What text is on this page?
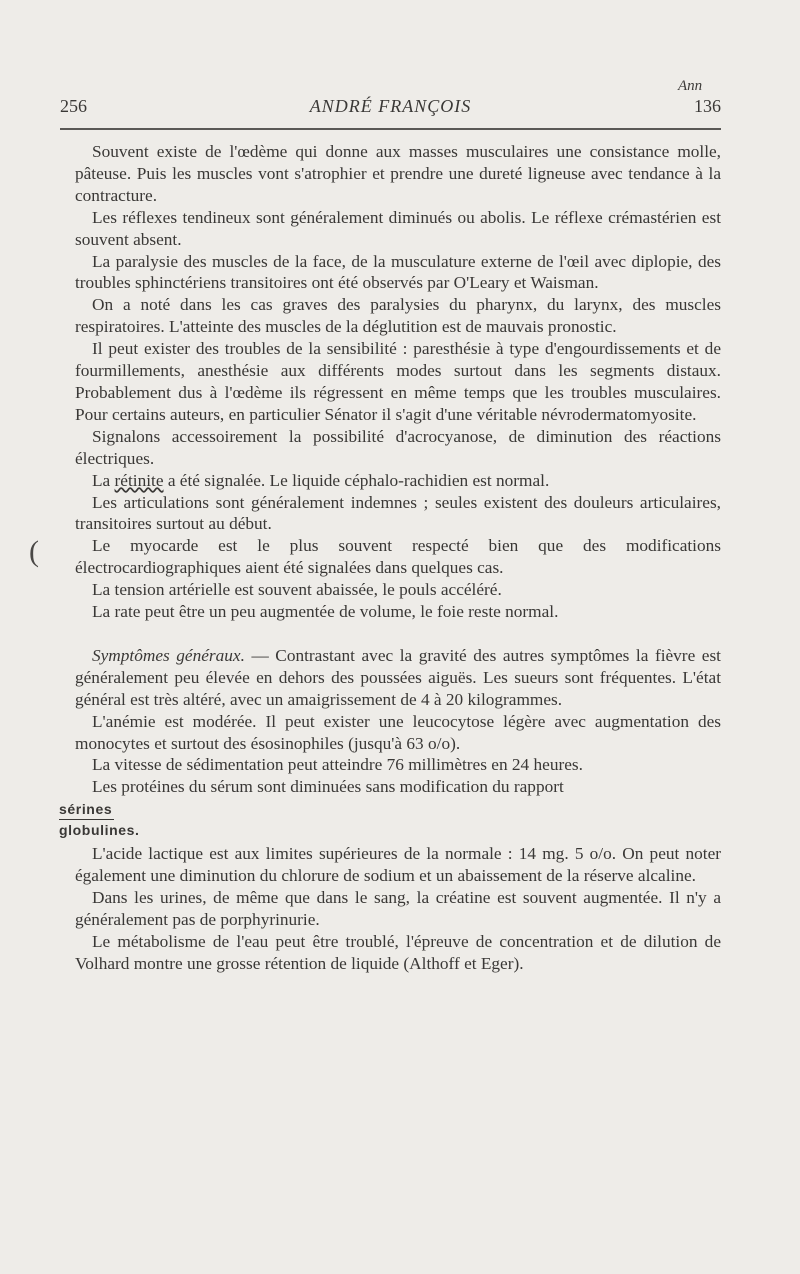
Ann
256	ANDRÉ FRANÇOIS	136
(

Souvent existe de l'œdème qui donne aux masses musculaires une consistance molle, pâteuse. Puis les muscles vont s'atrophier et prendre une dureté ligneuse avec tendance à la contracture.

Les réflexes tendineux sont généralement diminués ou abolis. Le réflexe crémastérien est souvent absent.

La paralysie des muscles de la face, de la musculature externe de l'œil avec diplopie, des troubles sphinctériens transitoires ont été observés par O'Leary et Waisman.

On a noté dans les cas graves des paralysies du pharynx, du larynx, des muscles respiratoires. L'atteinte des muscles de la déglutition est de mauvais pronostic.

Il peut exister des troubles de la sensibilité : paresthésie à type d'engourdissements et de fourmillements, anesthésie aux différents modes surtout dans les segments distaux. Probablement dus à l'œdème ils régressent en même temps que les troubles musculaires. Pour certains auteurs, en particulier Sénator il s'agit d'une véritable névrodermatomyosite.

Signalons accessoirement la possibilité d'acrocyanose, de diminution des réactions électriques.

La rétinite a été signalée. Le liquide céphalo-rachidien est normal.

Les articulations sont généralement indemnes ; seules existent des douleurs articulaires, transitoires surtout au début.

Le myocarde est le plus souvent respecté bien que des modifications électrocardiographiques aient été signalées dans quelques cas.

La tension artérielle est souvent abaissée, le pouls accéléré.

La rate peut être un peu augmentée de volume, le foie reste normal.

Symptômes généraux. — Contrastant avec la gravité des autres symptômes la fièvre est généralement peu élevée en dehors des poussées aiguës. Les sueurs sont fréquentes. L'état général est très altéré, avec un amaigrissement de 4 à 20 kilogrammes.

L'anémie est modérée. Il peut exister une leucocytose légère avec augmentation des monocytes et surtout des ésosinophiles (jusqu'à 63 o/o).

La vitesse de sédimentation peut atteindre 76 millimètres en 24 heures.

Les protéines du sérum sont diminuées sans modification du rapport

sérines
globulines.

L'acide lactique est aux limites supérieures de la normale : 14 mg. 5 o/o. On peut noter également une diminution du chlorure de sodium et un abaissement de la réserve alcaline.

Dans les urines, de même que dans le sang, la créatine est souvent augmentée. Il n'y a généralement pas de porphyrinurie.

Le métabolisme de l'eau peut être troublé, l'épreuve de concentration et de dilution de Volhard montre une grosse rétention de liquide (Althoff et Eger).
